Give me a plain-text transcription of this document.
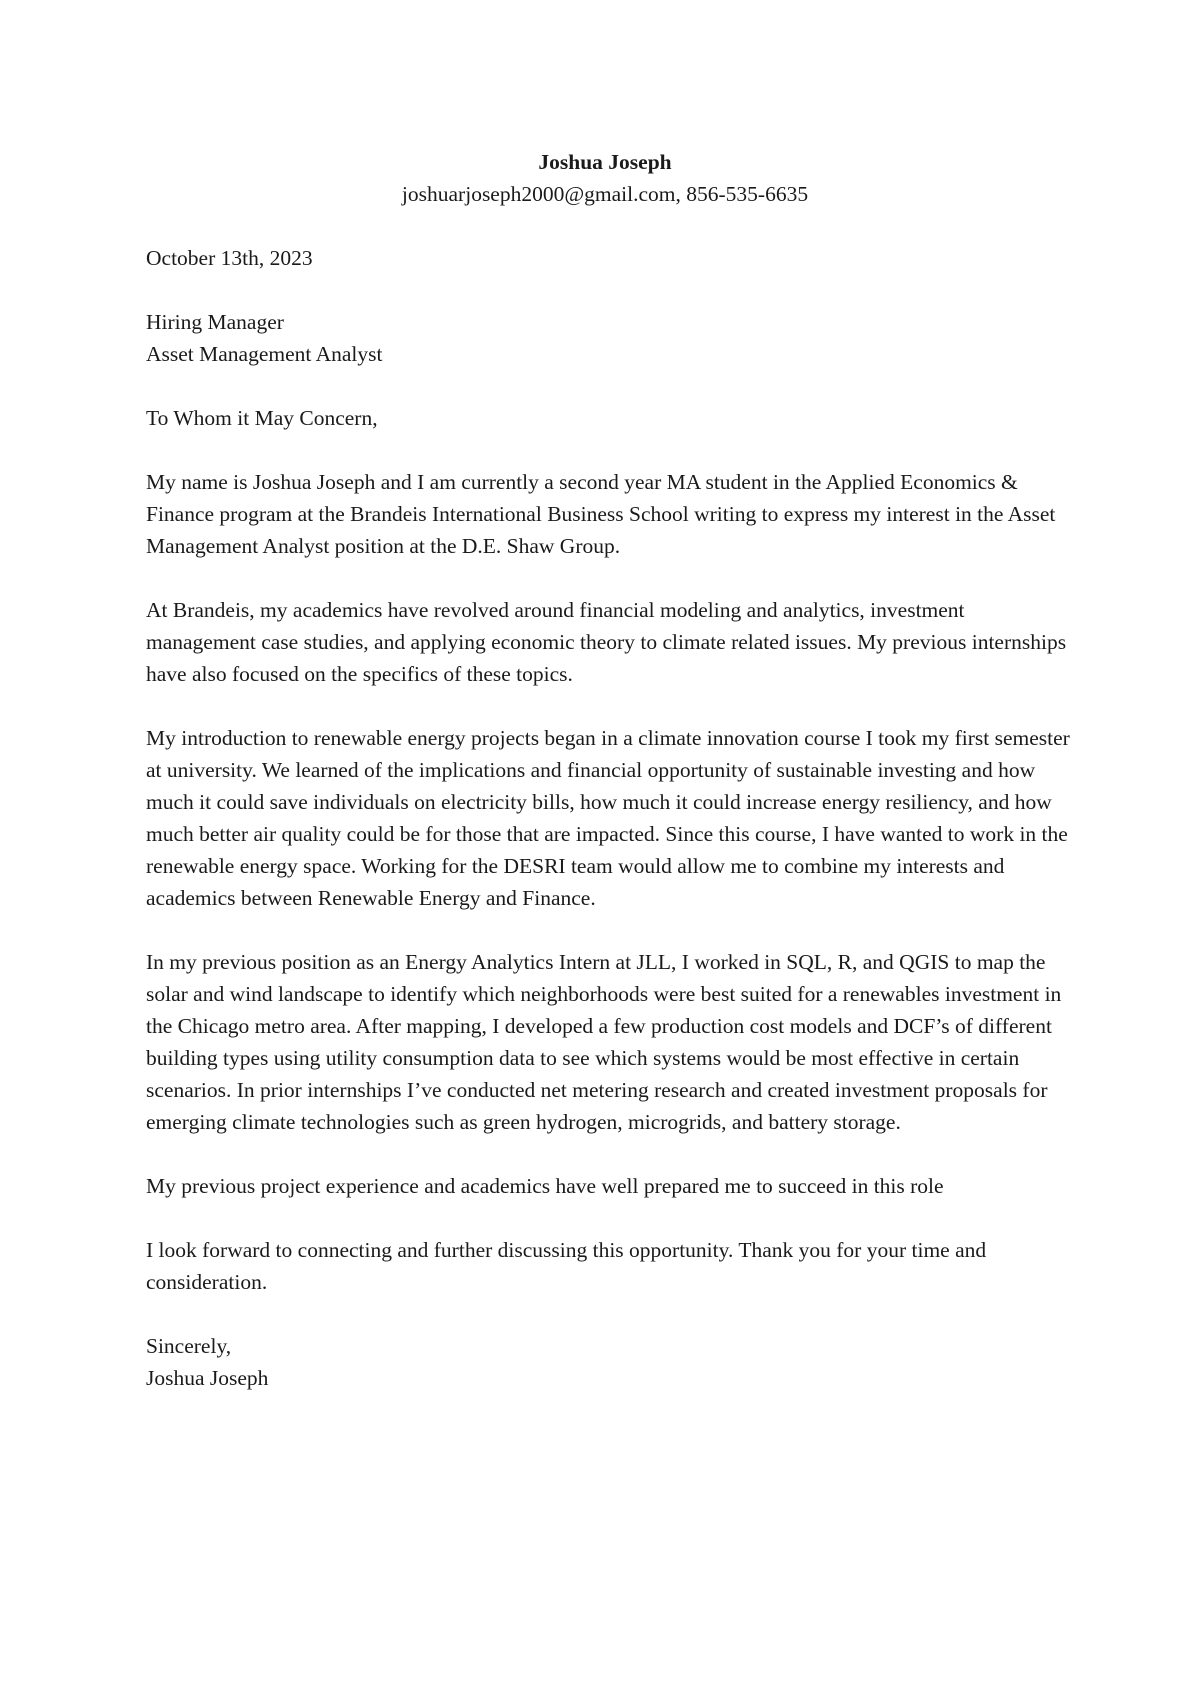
Joshua Joseph
joshuarjoseph2000@gmail.com, 856-535-6635
October 13th, 2023
Hiring Manager
Asset Management Analyst
To Whom it May Concern,

My name is Joshua Joseph and I am currently a second year MA student in the Applied Economics & Finance program at the Brandeis International Business School writing to express my interest in the Asset Management Analyst position at the D.E. Shaw Group.

At Brandeis, my academics have revolved around financial modeling and analytics, investment management case studies, and applying economic theory to climate related issues. My previous internships have also focused on the specifics of these topics.

My introduction to renewable energy projects began in a climate innovation course I took my first semester at university. We learned of the implications and financial opportunity of sustainable investing and how much it could save individuals on electricity bills, how much it could increase energy resiliency, and how much better air quality could be for those that are impacted. Since this course, I have wanted to work in the renewable energy space. Working for the DESRI team would allow me to combine my interests and academics between Renewable Energy and Finance.

In my previous position as an Energy Analytics Intern at JLL, I worked in SQL, R, and QGIS to map the solar and wind landscape to identify which neighborhoods were best suited for a renewables investment in the Chicago metro area. After mapping, I developed a few production cost models and DCF’s of different building types using utility consumption data to see which systems would be most effective in certain scenarios. In prior internships I’ve conducted net metering research and created investment proposals for emerging climate technologies such as green hydrogen, microgrids, and battery storage.

My previous project experience and academics have well prepared me to succeed in this role

I look forward to connecting and further discussing this opportunity. Thank you for your time and consideration.

Sincerely,
Joshua Joseph
